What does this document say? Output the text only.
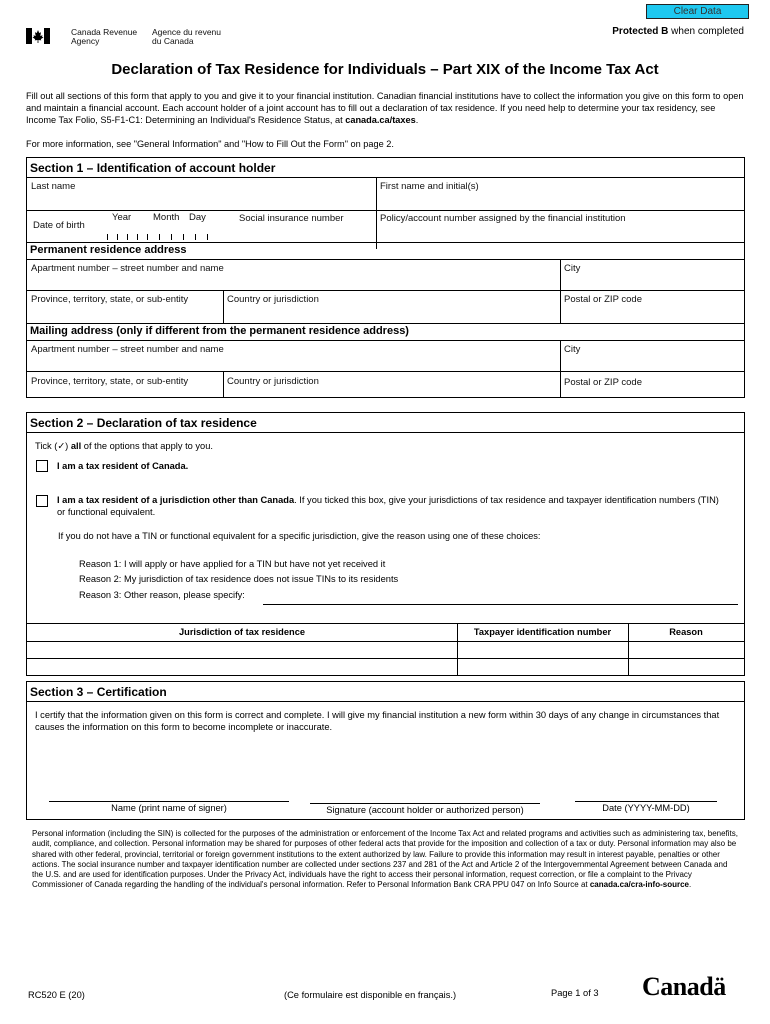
Clear Data
Canada Revenue
Agency
Agence du revenu
du Canada
Protected B when completed
Declaration of Tax Residence for Individuals – Part XIX of the Income Tax Act
Fill out all sections of this form that apply to you and give it to your financial institution. Canadian financial institutions have to collect the information you give on this form to open and maintain a financial account. Each account holder of a joint account has to fill out a declaration of tax residence. If you need help to determine your tax residency, see Income Tax Folio, S5-F1-C1: Determining an Individual's Residence Status, at canada.ca/taxes.
For more information, see "General Information" and "How to Fill Out the Form" on page 2.
Section 1 – Identification of account holder
Last name	First name and initial(s)
Date of birth
Year Month Day	Social insurance number	Policy/account number assigned by the financial institution
Permanent residence address
Apartment number – street number and name	City
Province, territory, state, or sub-entity	Country or jurisdiction	Postal or ZIP code
Mailing address (only if different from the permanent residence address)
Apartment number – street number and name	City
Province, territory, state, or sub-entity	Country or jurisdiction	Postal or ZIP code
Section 2 – Declaration of tax residence
Tick (✓) all of the options that apply to you.
I am a tax resident of Canada.
I am a tax resident of a jurisdiction other than Canada. If you ticked this box, give your jurisdictions of tax residence and taxpayer identification numbers (TIN) or functional equivalent.
If you do not have a TIN or functional equivalent for a specific jurisdiction, give the reason using one of these choices:
Reason 1: I will apply or have applied for a TIN but have not yet received it
Reason 2: My jurisdiction of tax residence does not issue TINs to its residents
Reason 3: Other reason, please specify:
Jurisdiction of tax residence	Taxpayer identification number	Reason
Section 3 – Certification
I certify that the information given on this form is correct and complete. I will give my financial institution a new form within 30 days of any change in circumstances that causes the information on this form to become incomplete or inaccurate.
Name (print name of signer)	Signature (account holder or authorized person)	Date (YYYY-MM-DD)
Personal information (including the SIN) is collected for the purposes of the administration or enforcement of the Income Tax Act and related programs and activities such as administering tax, benefits, audit, compliance, and collection. Personal information may be shared for purposes of other federal acts that provide for the imposition and collection of a tax or duty. Personal information may also be shared with other federal, provincial, territorial or foreign government institutions to the extent authorized by law. Failure to provide this information may result in interest payable, penalties or other actions. The social insurance number and taxpayer identification number are collected under sections 237 and 281 of the Act and Article 2 of the Intergovernmental Agreement between Canada and the U.S. and are used for identification purposes. Under the Privacy Act, individuals have the right to access their personal information, request correction, or file a complaint to the Privacy Commissioner of Canada regarding the handling of the individual's personal information. Refer to Personal Information Bank CRA PPU 047 on Info Source at canada.ca/cra-info-source.
RC520 E (20)	(Ce formulaire est disponible en français.)	Page 1 of 3 Canadä
